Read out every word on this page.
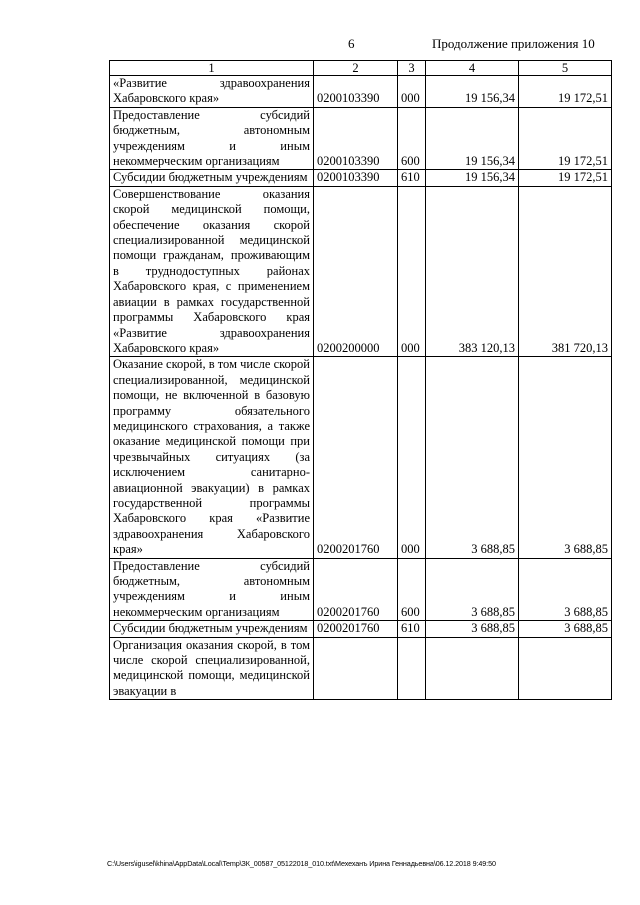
6	Продолжение приложения 10
1	2	3	4	5
«Развитие здравоохранения Хабаровского края»	0200103390	000	19 156,34	19 172,51
Предоставление субсидий бюджетным, автономным учреждениям и иным некоммерческим организациям	0200103390	600	19 156,34	19 172,51
Субсидии бюджетным учреждениям	0200103390	610	19 156,34	19 172,51
Совершенствование оказания скорой медицинской помощи, обеспечение оказания скорой специализированной медицинской помощи гражданам, проживающим в труднодоступных районах Хабаровского края, с применением авиации в рамках государственной программы Хабаровского края «Развитие здравоохранения Хабаровского края»	0200200000	000	383 120,13	381 720,13
Оказание скорой, в том числе скорой специализированной, медицинской помощи, не включенной в базовую программу обязательного медицинского страхования, а также оказание медицинской помощи при чрезвычайных ситуациях (за исключением санитарно-авиационной эвакуации) в рамках государственной программы Хабаровского края «Развитие здравоохранения Хабаровского края»	0200201760	000	3 688,85	3 688,85
Предоставление субсидий бюджетным, автономным учреждениям и иным некоммерческим организациям	0200201760	600	3 688,85	3 688,85
Субсидии бюджетным учреждениям	0200201760	610	3 688,85	3 688,85
Организация оказания скорой, в том числе скорой специализированной, медицинской помощи, медицинской эвакуации в				
C:\Users\igusel\khina\AppData\Local\Temp\ЗК_00587_05122018_010.txt\Мехеханъ Ирина Геннадьевна\06.12.2018 9:49:50
